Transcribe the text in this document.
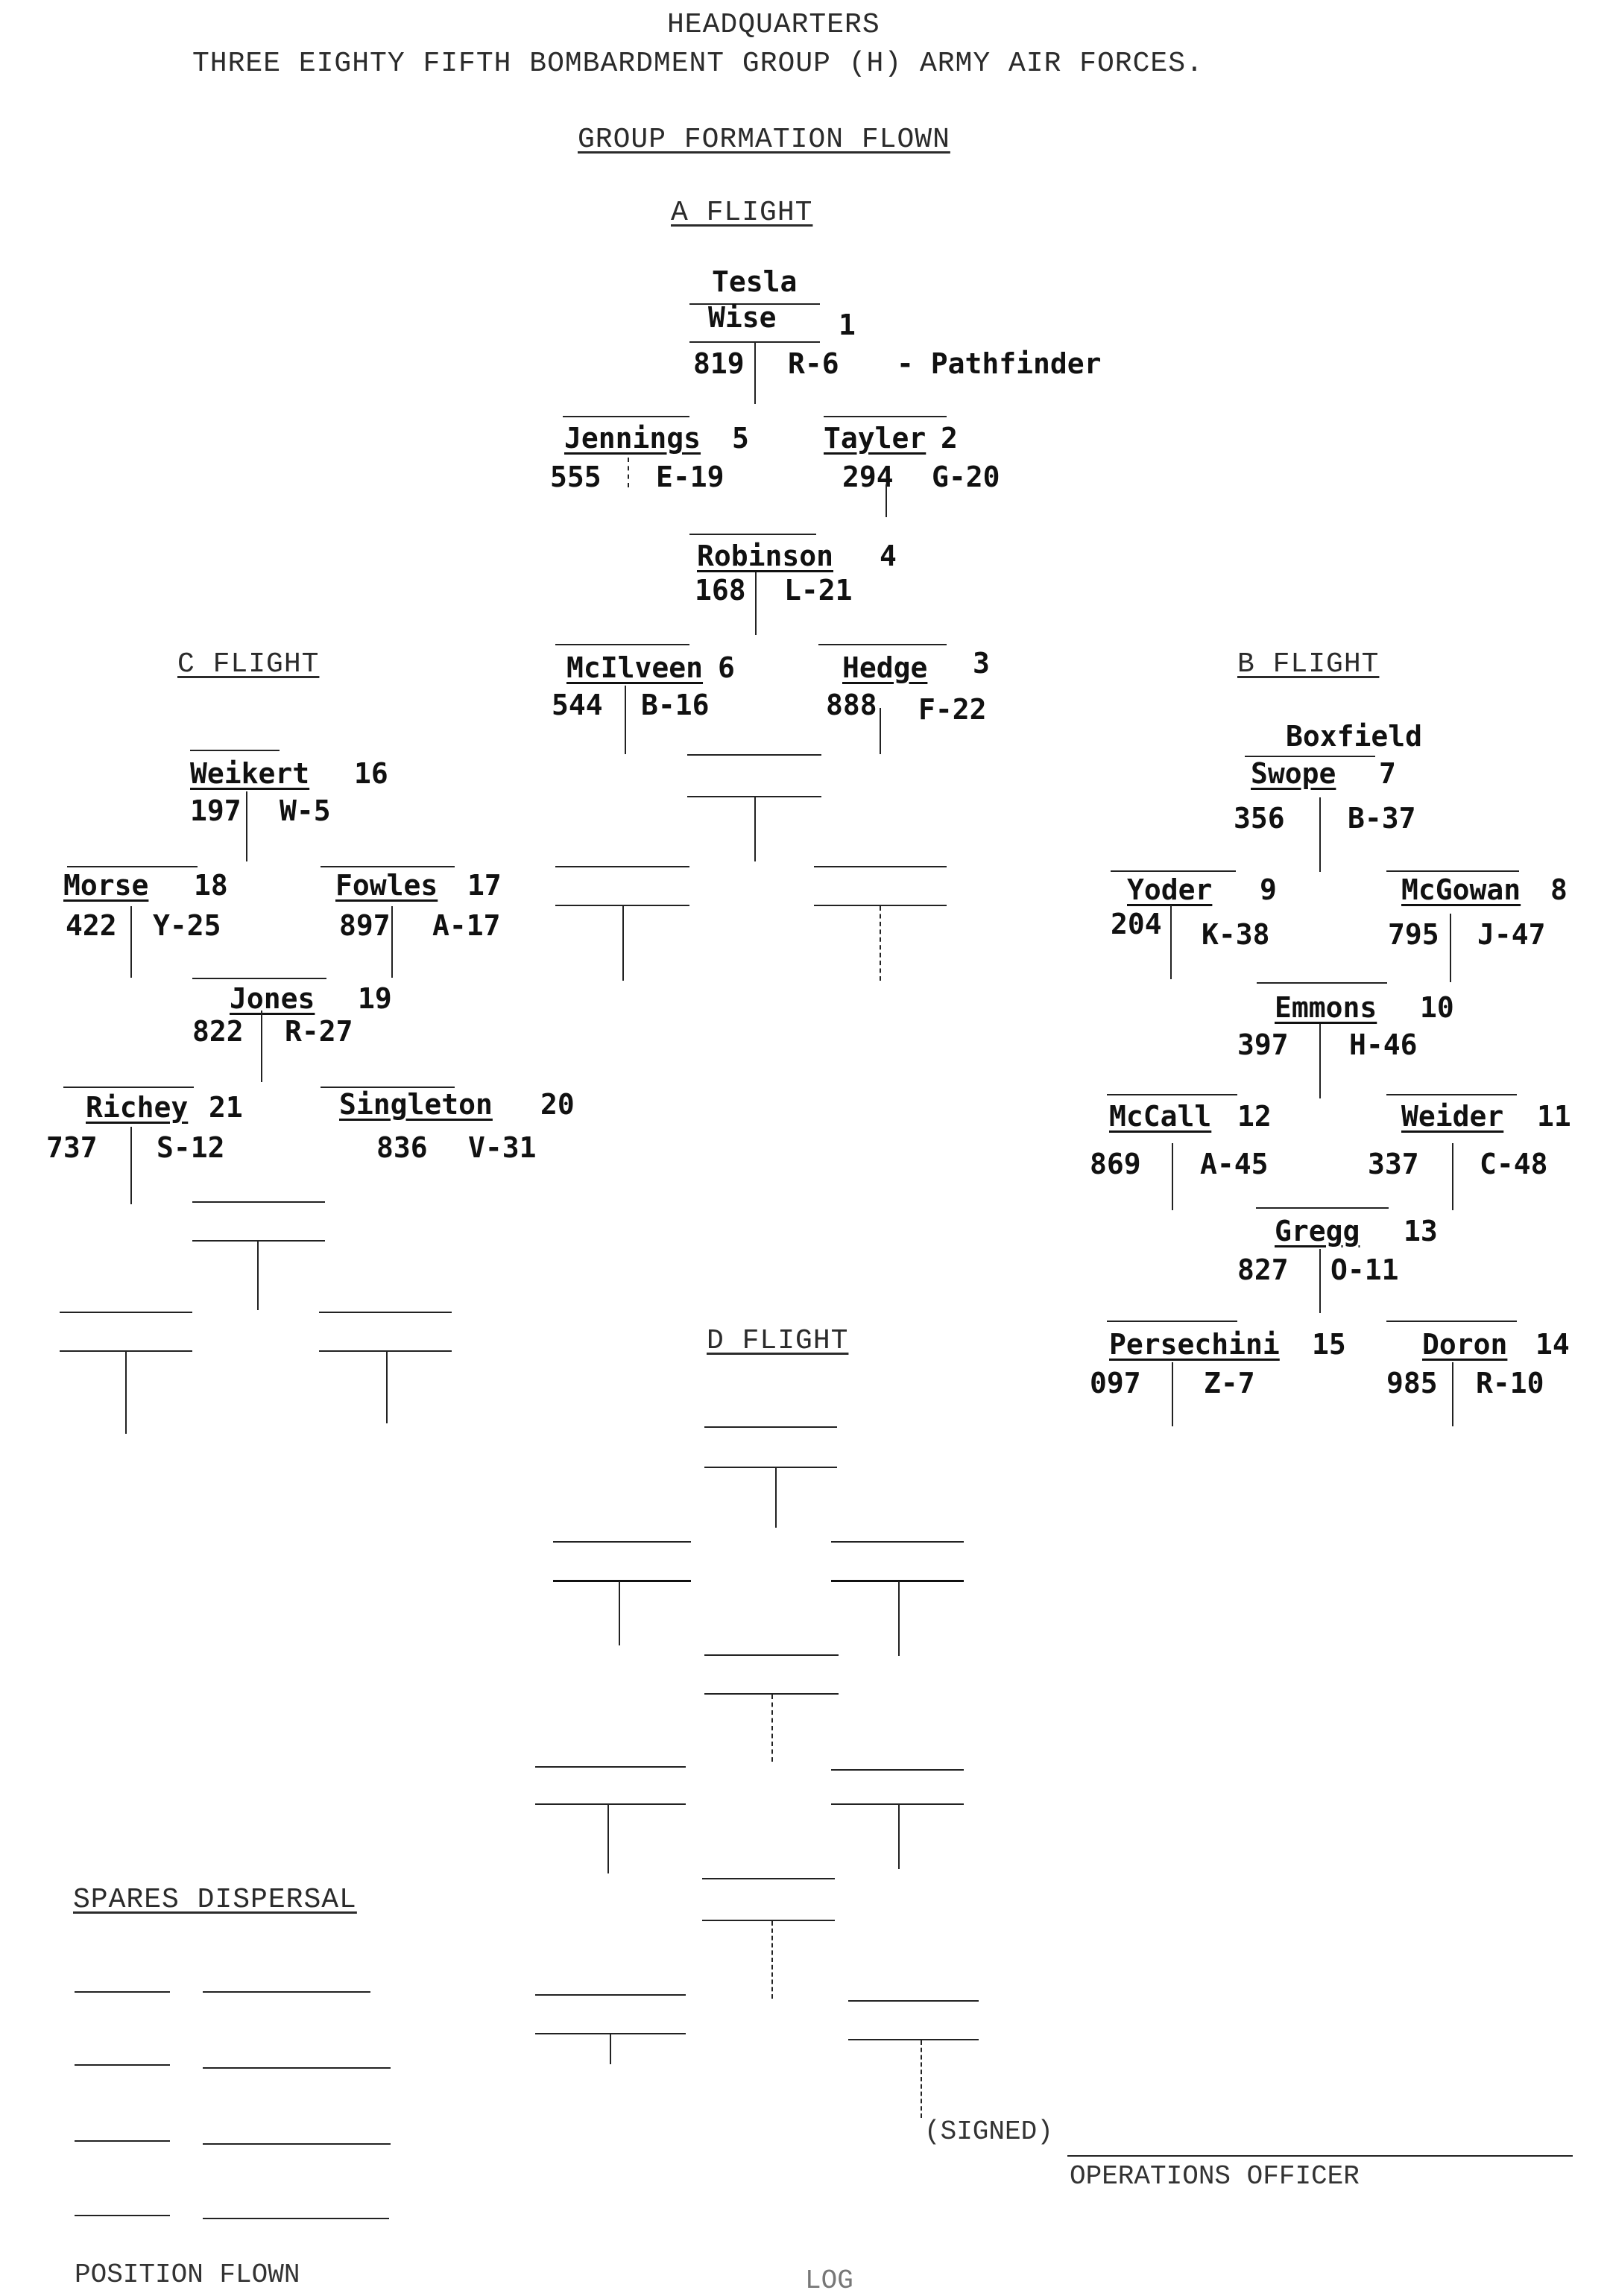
HEADQUARTERS
THREE EIGHTY FIFTH BOMBARDMENT GROUP (H) ARMY AIR FORCES.
GROUP FORMATION FLOWN
A FLIGHT
Tesla
Wise 1
819 R-6 - Pathfinder
Jennings 5
555 E-19
Tayler 2
294 G-20
Robinson 4
168 L-21
McIlveen 6
544 B-16
Hedge 3
888 F-22
C FLIGHT
Weikert 16
197 W-5
Morse 18
422 Y-25
Fowles 17
897 A-17
Jones 19
822 R-27
Richey 21
737 S-12
Singleton 20
836 V-31
B FLIGHT
Boxfield
Swope 7
356 B-37
Yoder 9
204 K-38
McGowan 8
795 J-47
Emmons 10
397 H-46
McCall 12
869 A-45
Weider 11
337 C-48
Gregg 13
827 O-11
Persechini 15
097 Z-7
Doron 14
985 R-10
D FLIGHT
SPARES DISPERSAL
(SIGNED)
OPERATIONS OFFICER
POSITION FLOWN	LOG
